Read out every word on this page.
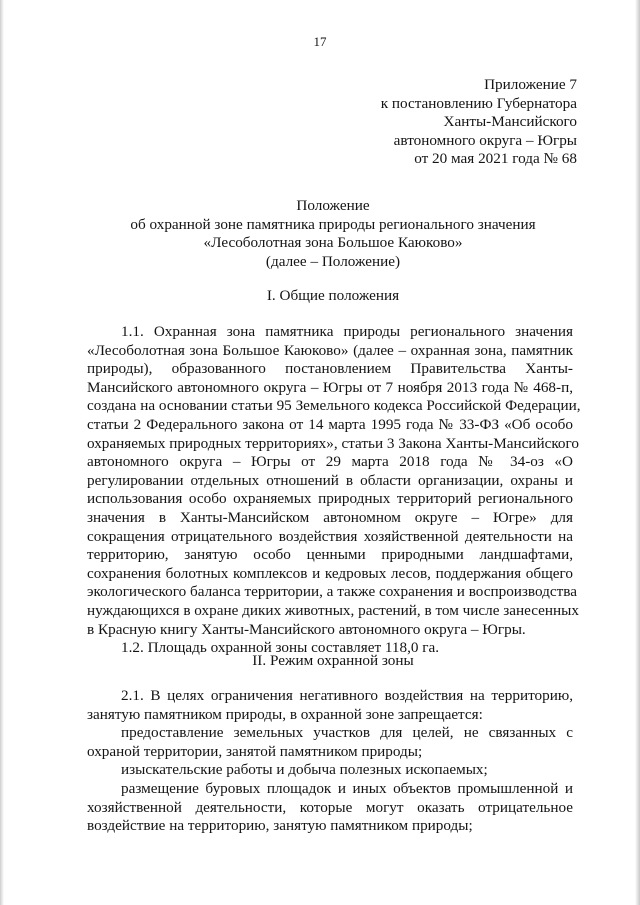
17
Приложение 7
к постановлению Губернатора
Ханты-Мансийского
автономного округа – Югры
от 20 мая 2021 года № 68
Положение
об охранной зоне памятника природы регионального значения
«Лесоболотная зона Большое Каюково»
(далее – Положение)
I. Общие положения
1.1. Охранная зона памятника природы регионального значения
«Лесоболотная зона Большое Каюково» (далее – охранная зона, памятник
природы), образованного постановлением Правительства Ханты-
Мансийского автономного округа – Югры от 7 ноября 2013 года № 468-п,
создана на основании статьи 95 Земельного кодекса Российской Федерации,
статьи 2 Федерального закона от 14 марта 1995 года № 33-ФЗ «Об особо
охраняемых природных территориях», статьи 3 Закона Ханты-Мансийского
автономного округа – Югры от 29 марта 2018 года № 34-оз «О
регулировании отдельных отношений в области организации, охраны и
использования особо охраняемых природных территорий регионального
значения в Ханты-Мансийском автономном округе – Югре» для
сокращения отрицательного воздействия хозяйственной деятельности на
территорию, занятую особо ценными природными ландшафтами,
сохранения болотных комплексов и кедровых лесов, поддержания общего
экологического баланса территории, а также сохранения и воспроизводства
нуждающихся в охране диких животных, растений, в том числе занесенных
в Красную книгу Ханты-Мансийского автономного округа – Югры.
1.2. Площадь охранной зоны составляет 118,0 га.
II. Режим охранной зоны
2.1. В целях ограничения негативного воздействия на территорию,
занятую памятником природы, в охранной зоне запрещается:
предоставление земельных участков для целей, не связанных с
охраной территории, занятой памятником природы;
изыскательские работы и добыча полезных ископаемых;
размещение буровых площадок и иных объектов промышленной и
хозяйственной деятельности, которые могут оказать отрицательное
воздействие на территорию, занятую памятником природы;
